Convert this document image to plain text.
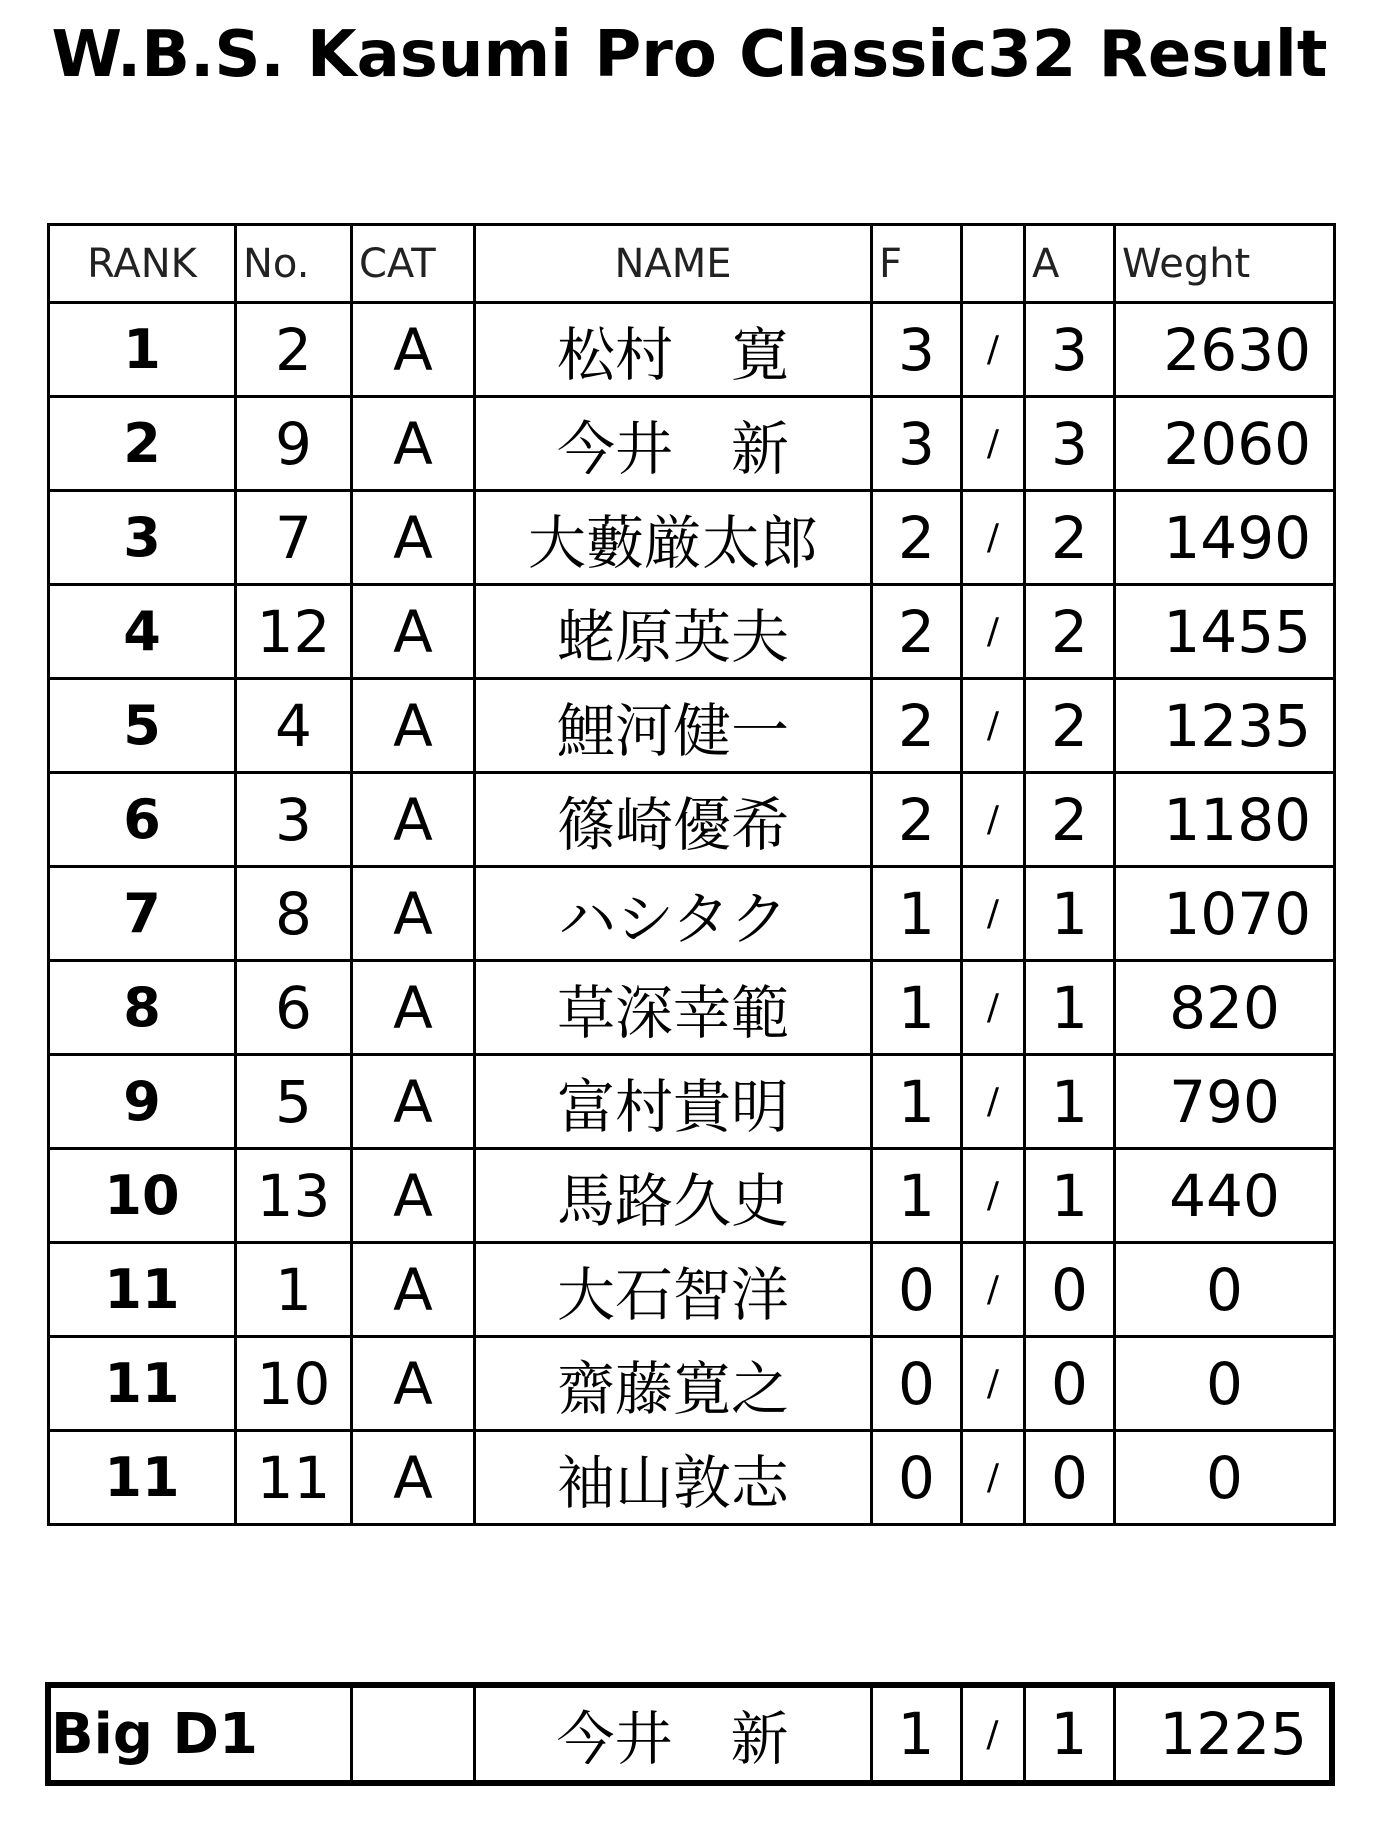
W.B.S. Kasumi Pro Classic32 Result
RANK	No.	CAT	NAME	F		A	Weght
1	2	A	松村　寛	3	/	3	2630
2	9	A	今井　新	3	/	3	2060
3	7	A	大藪厳太郎	2	/	2	1490
4	12	A	蛯原英夫	2	/	2	1455
5	4	A	鯉河健一	2	/	2	1235
6	3	A	篠崎優希	2	/	2	1180
7	8	A	ハシタク	1	/	1	1070
8	6	A	草深幸範	1	/	1	820
9	5	A	富村貴明	1	/	1	790
10	13	A	馬路久史	1	/	1	440
11	1	A	大石智洋	0	/	0	0
11	10	A	齋藤寛之	0	/	0	0
11	11	A	袖山敦志	0	/	0	0
Big D1		今井　新	1	/	1	1225
